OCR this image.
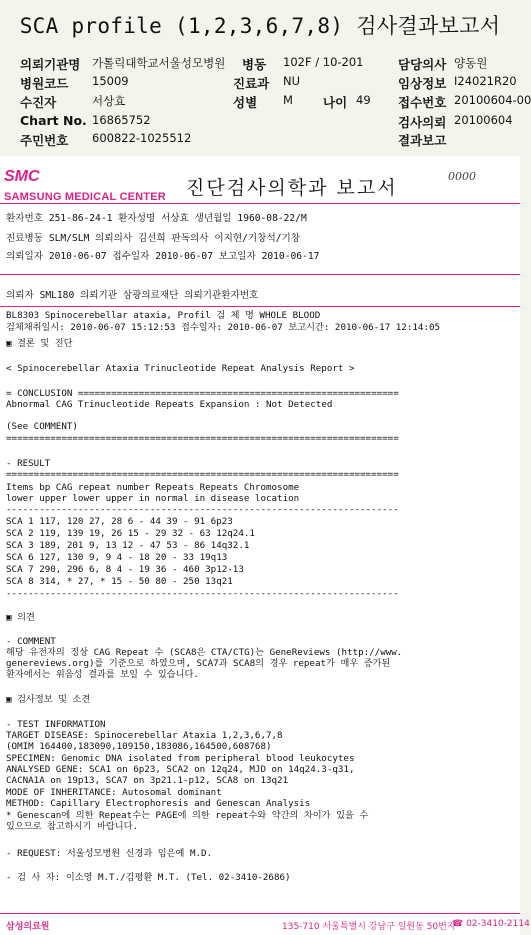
SCA profile (1,2,3,6,7,8) 검사결과보고서
의뢰기관명 가톨릭대학교서울성모병원 병동 102F / 10-201	담당의사 양동원
병원코드 15009	진료과 NU	임상정보 I24021R20
수진자	서상효	성별 M 나이 49 접수번호 20100604-00
Chart No. 16865752	검사의뢰 20100604
주민번호 600822-1025512	결과보고
SMC
SAMSUNG MEDICAL CENTER 진단검사의학과 보고서
0000
환자번호 251-86-24-1 환자성명 서상효 생년월일 1960-08-22/M
진료병동 SLM/SLM 의뢰의사 김선희 판독의사 이지현/기창석/기창
의뢰일자 2010-06-07 접수일자 2010-06-07 보고일자 2010-06-17
의뢰자 SML180 의뢰기관 삼광의료재단 의뢰기관환자번호
BL8303 Spinocerebellar ataxia, Profil 검 체 명 WHOLE BLOOD
검체채취일시: 2010-06-07 15:12:53 접수일자: 2010-06-07 보고시간: 2010-06-17 12:14:05
▣ 결론 및 진단
< Spinocerebellar Ataxia Trinucleotide Repeat Analysis Report >
= CONCLUSION ==========================================================
Abnormal CAG Trinucleotide Repeats Expansion : Not Detected
(See COMMENT)
=======================================================================
- RESULT
=======================================================================
Items bp CAG repeat number Repeats Repeats Chromosome
lower upper lower upper in normal in disease location
-----------------------------------------------------------------------
SCA 1 117, 120 27, 28 6 - 44 39 - 91 6p23
SCA 2 119, 139 19, 26 15 - 29 32 - 63 12q24.1
SCA 3 189, 201 9, 13 12 - 47 53 - 86 14q32.1
SCA 6 127, 130 9, 9 4 - 18 20 - 33 19q13
SCA 7 290, 296 6, 8 4 - 19 36 - 460 3p12-13
SCA 8 314, * 27, * 15 - 50 80 - 250 13q21
-----------------------------------------------------------------------
▣ 의견
- COMMENT
해당 유전자의 정상 CAG Repeat 수 (SCA8은 CTA/CTG)는 GeneReviews (http://www.
genereviews.org)를 기준으로 하였으며, SCA7과 SCA8의 경우 repeat가 매우 증가된
환자에서는 위음성 결과를 보일 수 있습니다.
▣ 검사정보 및 소견
- TEST INFORMATION
TARGET DISEASE: Spinocerebellar Ataxia 1,2,3,6,7,8
(OMIM 164400,183090,109150,183086,164500,608768)
SPECIMEN: Genomic DNA isolated from peripheral blood leukocytes
ANALYSED GENE: SCA1 on 6p23, SCA2 on 12q24, MJD on 14q24.3-q31,
CACNA1A on 19p13, SCA7 on 3p21.1-p12, SCA8 on 13q21
MODE OF INHERITANCE: Autosomal dominant
METHOD: Capillary Electrophoresis and Genescan Analysis
* Genescan에 의한 Repeat수는 PAGE에 의한 repeat수와 약간의 차이가 있을 수
있으므로 참고하시기 바랍니다.
- REQUEST: 서울성모병원 신경과 임은예 M.D.
- 검 사 자: 이소영 M.T./김평환 M.T. (Tel. 02-3410-2686)
삼성의료원	135-710 서울특별시 강남구 일원동 50번지
☎ 02-3410-2114
